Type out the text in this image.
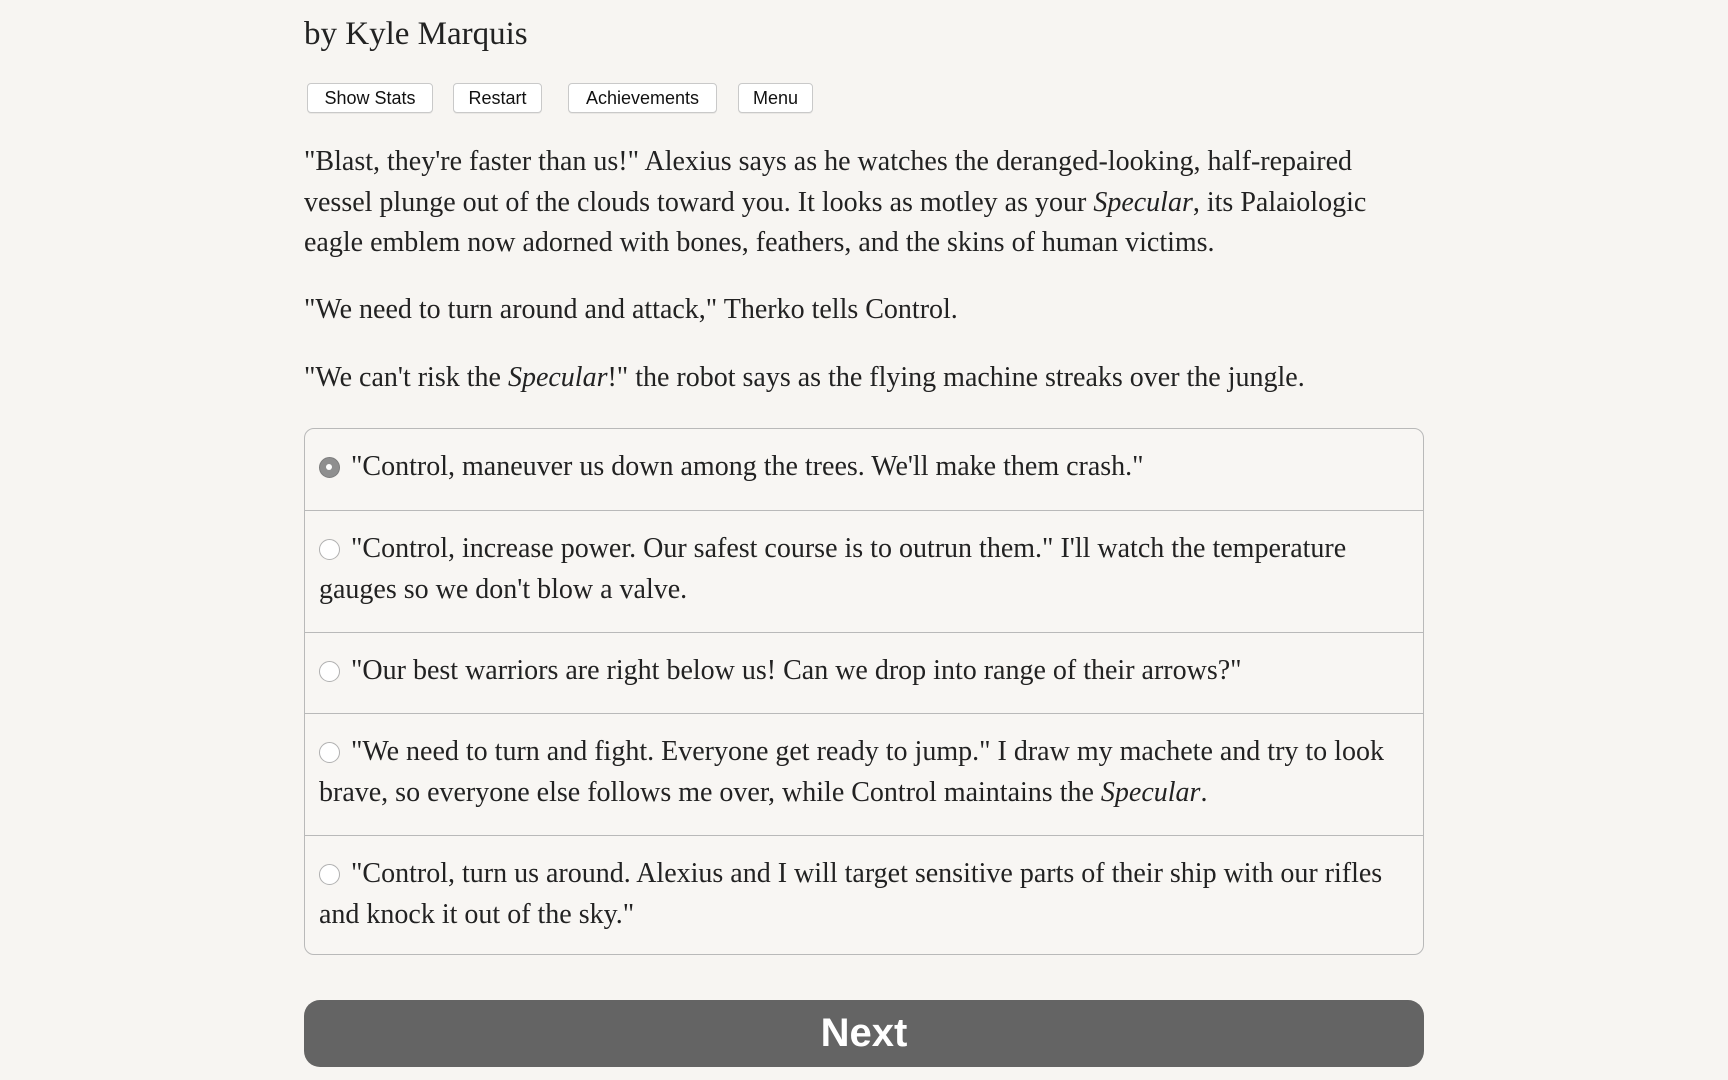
by Kyle Marquis
Show Stats	Restart	Achievements	Menu

"Blast, they're faster than us!" Alexius says as he watches the deranged-looking, half-repaired vessel plunge out of the clouds toward you. It looks as motley as your Specular, its Palaiologic eagle emblem now adorned with bones, feathers, and the skins of human victims.

"We need to turn around and attack," Therko tells Control.

"We can't risk the Specular!" the robot says as the flying machine streaks over the jungle.

"Control, maneuver us down among the trees. We'll make them crash."
"Control, increase power. Our safest course is to outrun them." I'll watch the temperature gauges so we don't blow a valve.
"Our best warriors are right below us! Can we drop into range of their arrows?"
"We need to turn and fight. Everyone get ready to jump." I draw my machete and try to look brave, so everyone else follows me over, while Control maintains the Specular.
"Control, turn us around. Alexius and I will target sensitive parts of their ship with our rifles and knock it out of the sky."
Next
